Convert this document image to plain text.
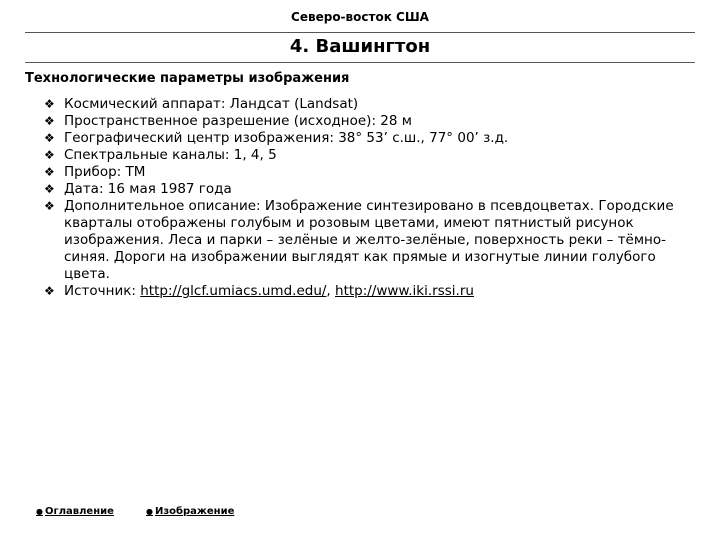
Северо-восток США
4. Вашингтон
Технологические параметры изображения
❖ Космический аппарат: Ландсат (Landsat)
❖ Пространственное разрешение (исходное): 28 м
❖ Географический центр изображения: 38° 53’ с.ш., 77° 00’ з.д.
❖ Спектральные каналы: 1, 4, 5
❖ Прибор: ТМ
❖ Дата: 16 мая 1987 года
❖ Дополнительное описание: Изображение синтезировано в псевдоцветах. Городские кварталы отображены голубым и розовым цветами, имеют пятнистый рисунок изображения. Леса и парки – зелёные и желто-зелёные, поверхность реки – тёмно-синяя. Дороги на изображении выглядят как прямые и изогнутые линии голубого цвета.
❖ Источник: http://glcf.umiacs.umd.edu/, http://www.iki.rssi.ru
● Оглавление	● Изображение
